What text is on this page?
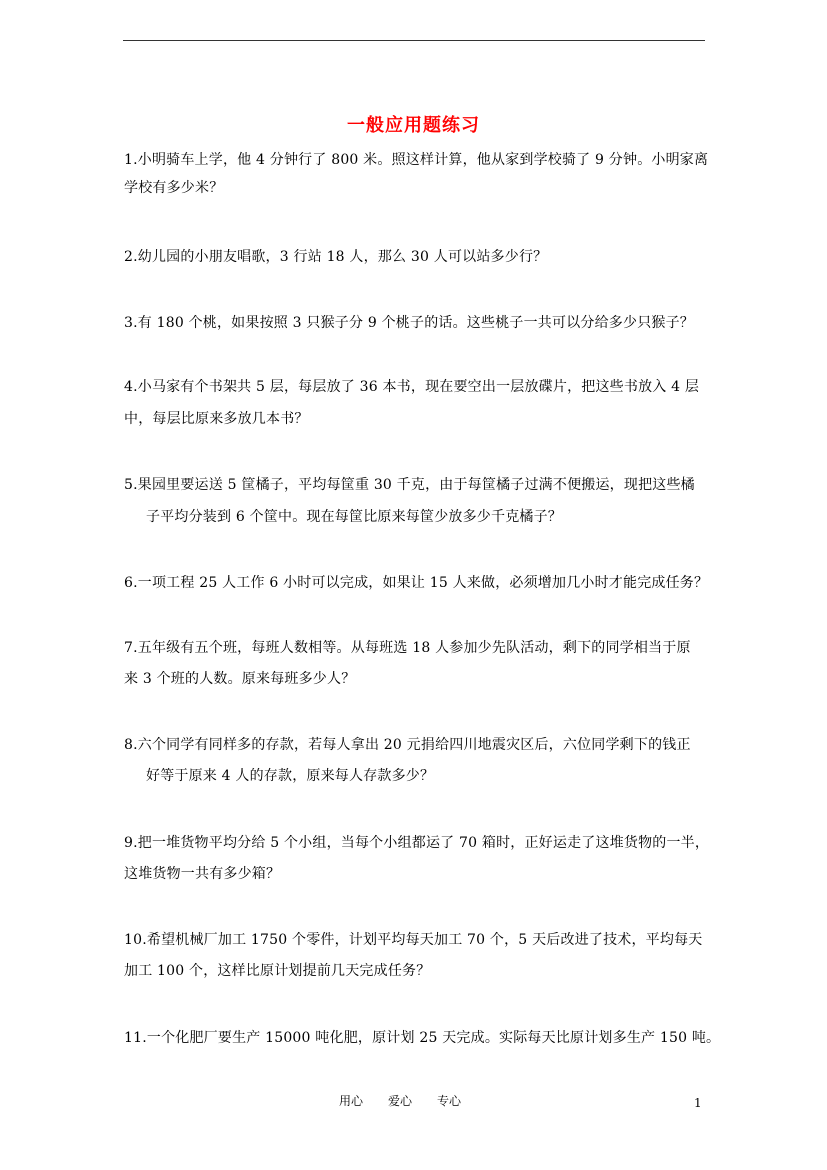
一般应用题练习
1.小明骑车上学，他 4 分钟行了 800 米。照这样计算，他从家到学校骑了 9 分钟。小明家离
学校有多少米？
2.幼儿园的小朋友唱歌，3 行站 18 人，那么 30 人可以站多少行？
3.有 180 个桃，如果按照 3 只猴子分 9 个桃子的话。这些桃子一共可以分给多少只猴子？
4.小马家有个书架共 5 层，每层放了 36 本书，现在要空出一层放碟片，把这些书放入 4 层
中，每层比原来多放几本书？
5.果园里要运送 5 筐橘子，平均每筐重 30 千克，由于每筐橘子过满不便搬运，现把这些橘
子平均分装到 6 个筐中。现在每筐比原来每筐少放多少千克橘子？
6.一项工程 25 人工作 6 小时可以完成，如果让 15 人来做，必须增加几小时才能完成任务？
7.五年级有五个班，每班人数相等。从每班选 18 人参加少先队活动，剩下的同学相当于原
来 3 个班的人数。原来每班多少人？
8.六个同学有同样多的存款，若每人拿出 20 元捐给四川地震灾区后，六位同学剩下的钱正
好等于原来 4 人的存款，原来每人存款多少？
9.把一堆货物平均分给 5 个小组，当每个小组都运了 70 箱时，正好运走了这堆货物的一半，
这堆货物一共有多少箱？
10.希望机械厂加工 1750 个零件，计划平均每天加工 70 个，5 天后改进了技术，平均每天
加工 100 个，这样比原计划提前几天完成任务？
11.一个化肥厂要生产 15000 吨化肥，原计划 25 天完成。实际每天比原计划多生产 150 吨。
用心 爱心 专心	1
